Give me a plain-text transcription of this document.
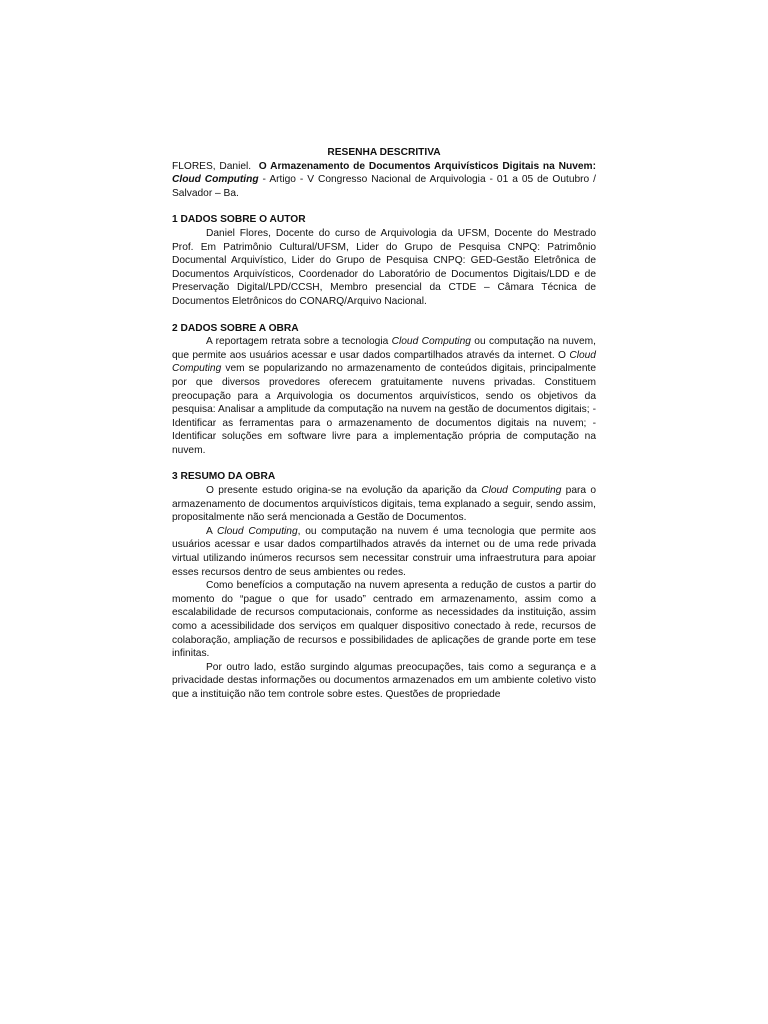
RESENHA DESCRITIVA

FLORES, Daniel. O Armazenamento de Documentos Arquivísticos Digitais na Nuvem: Cloud Computing - Artigo - V Congresso Nacional de Arquivologia - 01 a 05 de Outubro / Salvador – Ba.

1 DADOS SOBRE O AUTOR

Daniel Flores, Docente do curso de Arquivologia da UFSM, Docente do Mestrado Prof. Em Patrimônio Cultural/UFSM, Lider do Grupo de Pesquisa CNPQ: Patrimônio Documental Arquivístico, Lider do Grupo de Pesquisa CNPQ: GED-Gestão Eletrônica de Documentos Arquivísticos, Coordenador do Laboratório de Documentos Digitais/LDD e de Preservação Digital/LPD/CCSH, Membro presencial da CTDE – Câmara Técnica de Documentos Eletrônicos do CONARQ/Arquivo Nacional.

2 DADOS SOBRE A OBRA

A reportagem retrata sobre a tecnologia Cloud Computing ou computação na nuvem, que permite aos usuários acessar e usar dados compartilhados através da internet. O Cloud Computing vem se popularizando no armazenamento de conteúdos digitais, principalmente por que diversos provedores oferecem gratuitamente nuvens privadas. Constituem preocupação para a Arquivologia os documentos arquivísticos, sendo os objetivos da pesquisa: Analisar a amplitude da computação na nuvem na gestão de documentos digitais; - Identificar as ferramentas para o armazenamento de documentos digitais na nuvem; - Identificar soluções em software livre para a implementação própria de computação na nuvem.

3 RESUMO DA OBRA

O presente estudo origina-se na evolução da aparição da Cloud Computing para o armazenamento de documentos arquivísticos digitais, tema explanado a seguir, sendo assim, propositalmente não será mencionada a Gestão de Documentos.

A Cloud Computing, ou computação na nuvem é uma tecnologia que permite aos usuários acessar e usar dados compartilhados através da internet ou de uma rede privada virtual utilizando inúmeros recursos sem necessitar construir uma infraestrutura para apoiar esses recursos dentro de seus ambientes ou redes.

Como benefícios a computação na nuvem apresenta a redução de custos a partir do momento do “pague o que for usado” centrado em armazenamento, assim como a escalabilidade de recursos computacionais, conforme as necessidades da instituição, assim como a acessibilidade dos serviços em qualquer dispositivo conectado à rede, recursos de colaboração, ampliação de recursos e possibilidades de aplicações de grande porte em tese infinitas.

Por outro lado, estão surgindo algumas preocupações, tais como a segurança e a privacidade destas informações ou documentos armazenados em um ambiente coletivo visto que a instituição não tem controle sobre estes. Questões de propriedade
